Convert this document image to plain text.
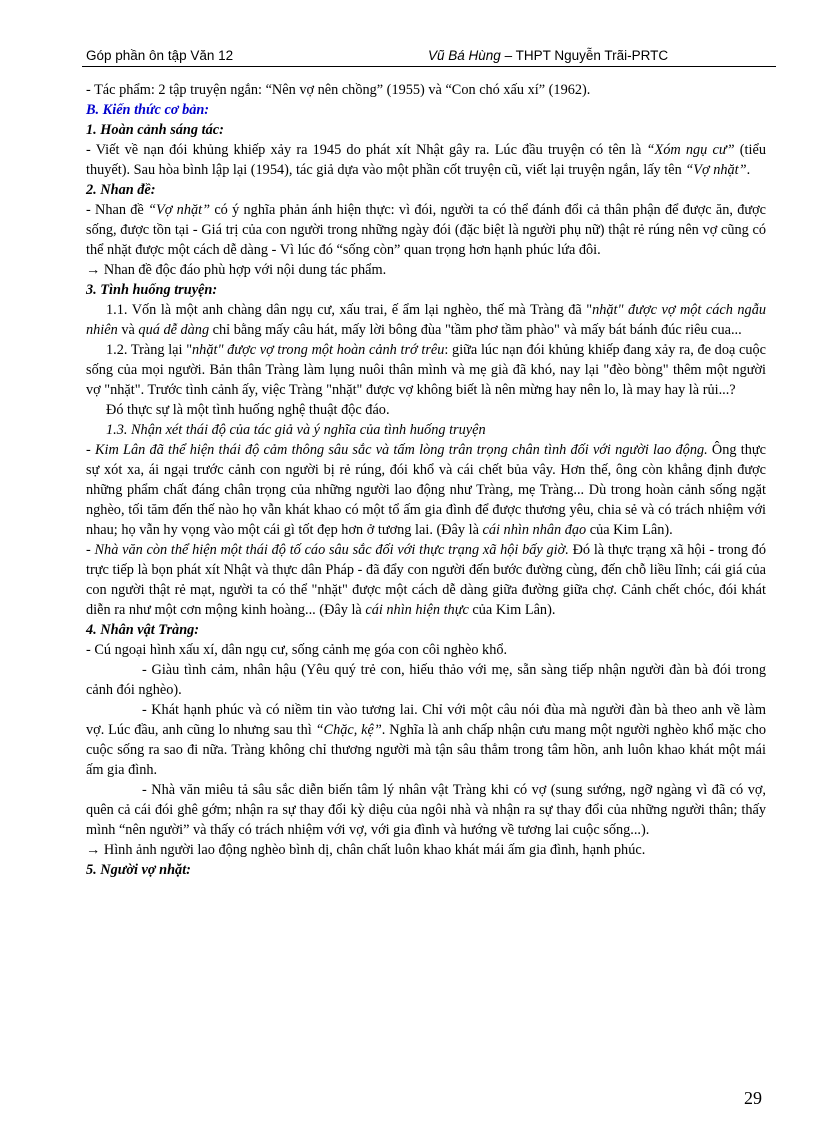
Góp phần ôn tập Văn 12	Vũ Bá Hùng – THPT Nguyễn Trãi-PRTC

- Tác phẩm: 2 tập truyện ngắn: “Nên vợ nên chồng” (1955) và “Con chó xấu xí” (1962).

B. Kiến thức cơ bản:

1. Hoàn cảnh sáng tác:

- Viết về nạn đói khủng khiếp xảy ra 1945 do phát xít Nhật gây ra. Lúc đầu truyện có tên là “Xóm ngụ cư” (tiểu thuyết). Sau hòa bình lập lại (1954), tác giả dựa vào một phần cốt truyện cũ, viết lại truyện ngắn, lấy tên “Vợ nhặt”.

2. Nhan đề:

- Nhan đề “Vợ nhặt” có ý nghĩa phản ánh hiện thực: vì đói, người ta có thể đánh đổi cả thân phận để được ăn, được sống, được tồn tại - Giá trị của con người trong những ngày đói (đặc biệt là người phụ nữ) thật rẻ rúng nên vợ cũng có thể nhặt được một cách dễ dàng - Vì lúc đó “sống còn” quan trọng hơn hạnh phúc lứa đôi.

→ Nhan đề độc đáo phù hợp với nội dung tác phẩm.

3. Tình huống truyện:

1.1. Vốn là một anh chàng dân ngụ cư, xấu trai, ế ẩm lại nghèo, thế mà Tràng đã "nhặt" được vợ một cách ngẫu nhiên và quá dễ dàng chỉ bằng mấy câu hát, mấy lời bông đùa "tầm phơ tầm phào" và mấy bát bánh đúc riêu cua...

1.2. Tràng lại "nhặt" được vợ trong một hoàn cảnh trớ trêu: giữa lúc nạn đói khủng khiếp đang xảy ra, đe doạ cuộc sống của mọi người. Bản thân Tràng làm lụng nuôi thân mình và mẹ già đã khó, nay lại "đèo bòng" thêm một người vợ "nhặt". Trước tình cảnh ấy, việc Tràng "nhặt" được vợ không biết là nên mừng hay nên lo, là may hay là rủi...?

Đó thực sự là một tình huống nghệ thuật độc đáo.

1.3. Nhận xét thái độ của tác giả và ý nghĩa của tình huống truyện

- Kim Lân đã thể hiện thái độ cảm thông sâu sắc và tấm lòng trân trọng chân tình đối với người lao động. Ông thực sự xót xa, ái ngại trước cảnh con người bị rẻ rúng, đói khổ và cái chết bủa vây. Hơn thế, ông còn khẳng định được những phẩm chất đáng chân trọng của những người lao động như Tràng, mẹ Tràng... Dù trong hoàn cảnh sống ngặt nghèo, tối tăm đến thế nào họ vẫn khát khao có một tổ ấm gia đình để được thương yêu, chia sẻ và có trách nhiệm với nhau; họ vẫn hy vọng vào một cái gì tốt đẹp hơn ở tương lai. (Đây là cái nhìn nhân đạo của Kim Lân).

- Nhà văn còn thể hiện một thái độ tố cáo sâu sắc đối với thực trạng xã hội bấy giờ. Đó là thực trạng xã hội - trong đó trực tiếp là bọn phát xít Nhật và thực dân Pháp - đã đẩy con người đến bước đường cùng, đến chỗ liều lĩnh; cái giá của con người thật rẻ mạt, người ta có thể "nhặt" được một cách dễ dàng giữa đường giữa chợ. Cảnh chết chóc, đói khát diễn ra như một cơn mộng kinh hoàng... (Đây là cái nhìn hiện thực của Kim Lân).

4. Nhân vật Tràng:

- Cú ngoại hình xấu xí, dân ngụ cư, sống cảnh mẹ góa con côi nghèo khổ.

- Giàu tình cảm, nhân hậu (Yêu quý trẻ con, hiếu thảo với mẹ, sẵn sàng tiếp nhận người đàn bà đói trong cảnh đói nghèo).

- Khát hạnh phúc và có niềm tin vào tương lai. Chỉ với một câu nói đùa mà người đàn bà theo anh về làm vợ. Lúc đầu, anh cũng lo nhưng sau thì “Chặc, kệ”. Nghĩa là anh chấp nhận cưu mang một người nghèo khổ mặc cho cuộc sống ra sao đi nữa. Tràng không chỉ thương người mà tận sâu thẳm trong tâm hồn, anh luôn khao khát một mái ấm gia đình.

- Nhà văn miêu tả sâu sắc diễn biến tâm lý nhân vật Tràng khi có vợ (sung sướng, ngỡ ngàng vì đã có vợ, quên cả cái đói ghê gớm; nhận ra sự thay đổi kỳ diệu của ngôi nhà và nhận ra sự thay đổi của những người thân; thấy mình “nên người” và thấy có trách nhiệm với vợ, với gia đình và hướng về tương lai cuộc sống...).

→ Hình ảnh người lao động nghèo bình dị, chân chất luôn khao khát mái ấm gia đình, hạnh phúc.

5. Người vợ nhặt:

29
